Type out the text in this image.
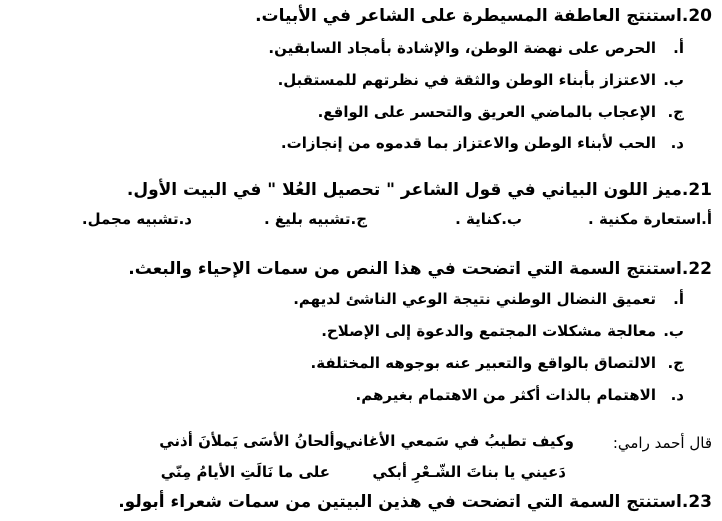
20.استنتج العاطفة المسيطرة على الشاعر في الأبيات.
أ.الحرص على نهضة الوطن، والإشادة بأمجاد السابقين.
ب.الاعتزاز بأبناء الوطن والثقة في نظرتهم للمستقبل.
ج.الإعجاب بالماضي العريق والتحسر على الواقع.
د.الحب لأبناء الوطن والاعتزاز بما قدموه من إنجازات.
21.ميز اللون البياني في قول الشاعر " تحصيل العُلا " في البيت الأول.
أ.استعارة مكنية .
ب.كناية .
ج.تشبيه بليغ .
د.تشبيه مجمل.
22.استنتج السمة التي اتضحت في هذا النص من سمات الإحياء والبعث.
أ.تعميق النضال الوطني نتيجة الوعي الناشئ لديهم.
ب.معالجة مشكلات المجتمع والدعوة إلى الإصلاح.
ج.الالتصاق بالواقع والتعبير عنه بوجوهه المختلفة.
د.الاهتمام بالذات أكثر من الاهتمام بغيرهم.
قال أحمد رامي:
وكيف تطيبُ في سَمعي الأغاني
وألحانُ الأسَى يَملأنَ أذني
دَعيني يا بناتَ الشّـعْرِ أبكي
على ما نَالَتِ الأيامُ مِنّي
23.استنتج السمة التي اتضحت في هذين البيتين من سمات شعراء أبولو.
